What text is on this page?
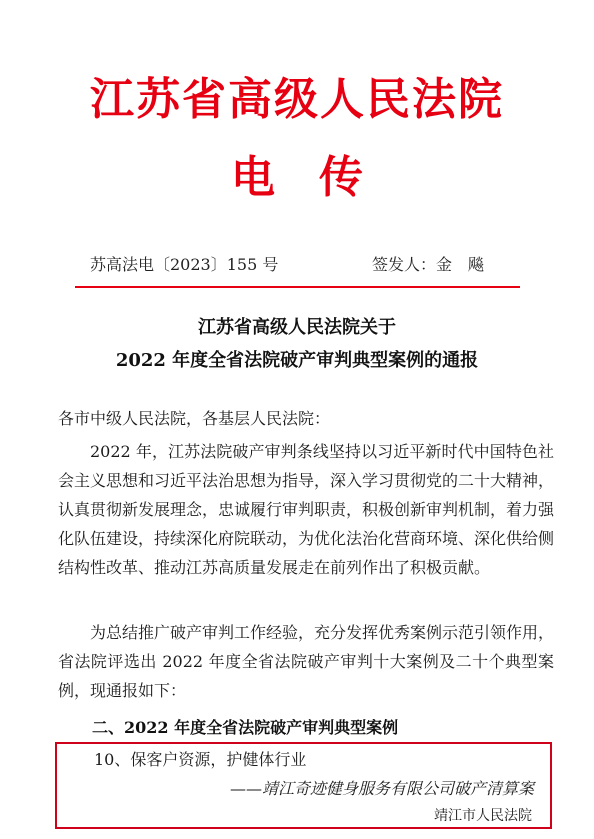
江苏省高级人民法院
电传
苏高法电〔2023〕155 号	签发人：金　飚
江苏省高级人民法院关于
2022 年度全省法院破产审判典型案例的通报
各市中级人民法院，各基层人民法院：

2022 年，江苏法院破产审判条线坚持以习近平新时代中国特色社会主义思想和习近平法治思想为指导，深入学习贯彻党的二十大精神，认真贯彻新发展理念，忠诚履行审判职责，积极创新审判机制，着力强化队伍建设，持续深化府院联动，为优化法治化营商环境、深化供给侧结构性改革、推动江苏高质量发展走在前列作出了积极贡献。

为总结推广破产审判工作经验，充分发挥优秀案例示范引领作用，省法院评选出 2022 年度全省法院破产审判十大案例及二十个典型案例，现通报如下：

二、2022 年度全省法院破产审判典型案例
10、保客户资源，护健体行业
——靖江奇迹健身服务有限公司破产清算案
靖江市人民法院
